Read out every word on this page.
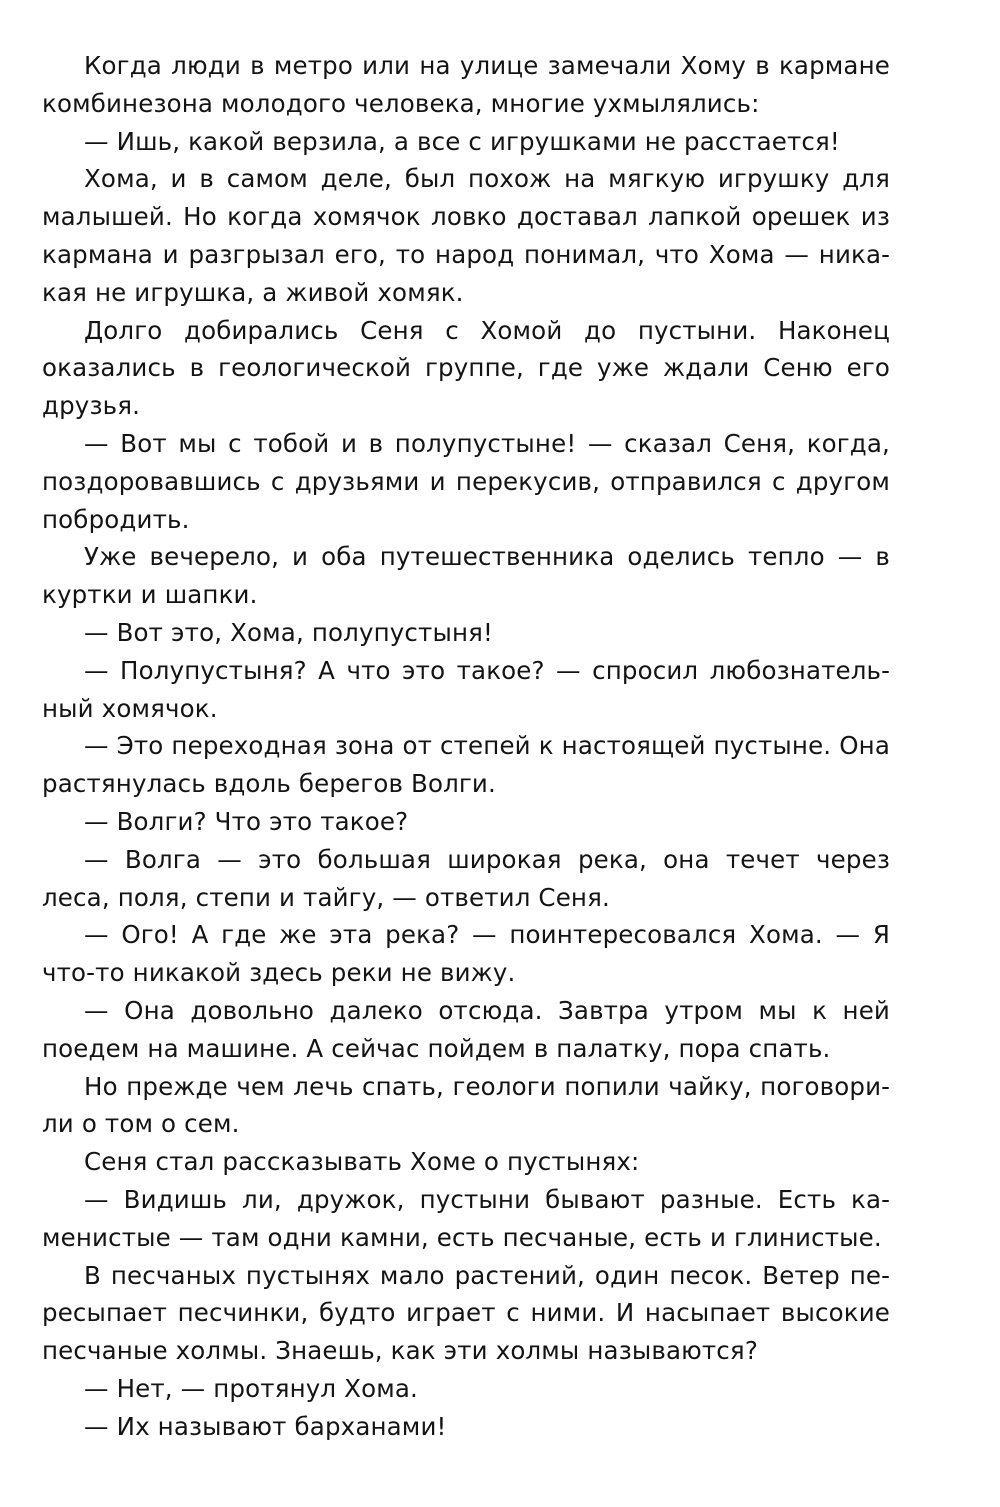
Когда люди в метро или на улице замечали Хому в кармане комбинезона молодого человека, многие ухмылялись:

— Ишь, какой верзила, а все с игрушками не расстается!

Хома, и в самом деле, был похож на мягкую игрушку для малышей. Но когда хомячок ловко доставал лапкой орешек из кармана и разгрызал его, то народ понимал, что Хома — никакая не игрушка, а живой хомяк.

Долго добирались Сеня с Хомой до пустыни. Наконец оказались в геологической группе, где уже ждали Сеню его друзья.

— Вот мы с тобой и в полупустыне! — сказал Сеня, когда, поздоровавшись с друзьями и перекусив, отправился с другом побродить.

Уже вечерело, и оба путешественника оделись тепло — в куртки и шапки.

— Вот это, Хома, полупустыня!

— Полупустыня? А что это такое? — спросил любознательный хомячок.

— Это переходная зона от степей к настоящей пустыне. Она растянулась вдоль берегов Волги.

— Волги? Что это такое?

— Волга — это большая широкая река, она течет через леса, поля, степи и тайгу, — ответил Сеня.

— Ого! А где же эта река? — поинтересовался Хома. — Я что-то никакой здесь реки не вижу.

— Она довольно далеко отсюда. Завтра утром мы к ней поедем на машине. А сейчас пойдем в палатку, пора спать.

Но прежде чем лечь спать, геологи попили чайку, поговорили о том о сем.

Сеня стал рассказывать Хоме о пустынях:

— Видишь ли, дружок, пустыни бывают разные. Есть каменистые — там одни камни, есть песчаные, есть и глинистые.

В песчаных пустынях мало растений, один песок. Ветер пересыпает песчинки, будто играет с ними. И насыпает высокие песчаные холмы. Знаешь, как эти холмы называются?

— Нет, — протянул Хома.

— Их называют барханами!
